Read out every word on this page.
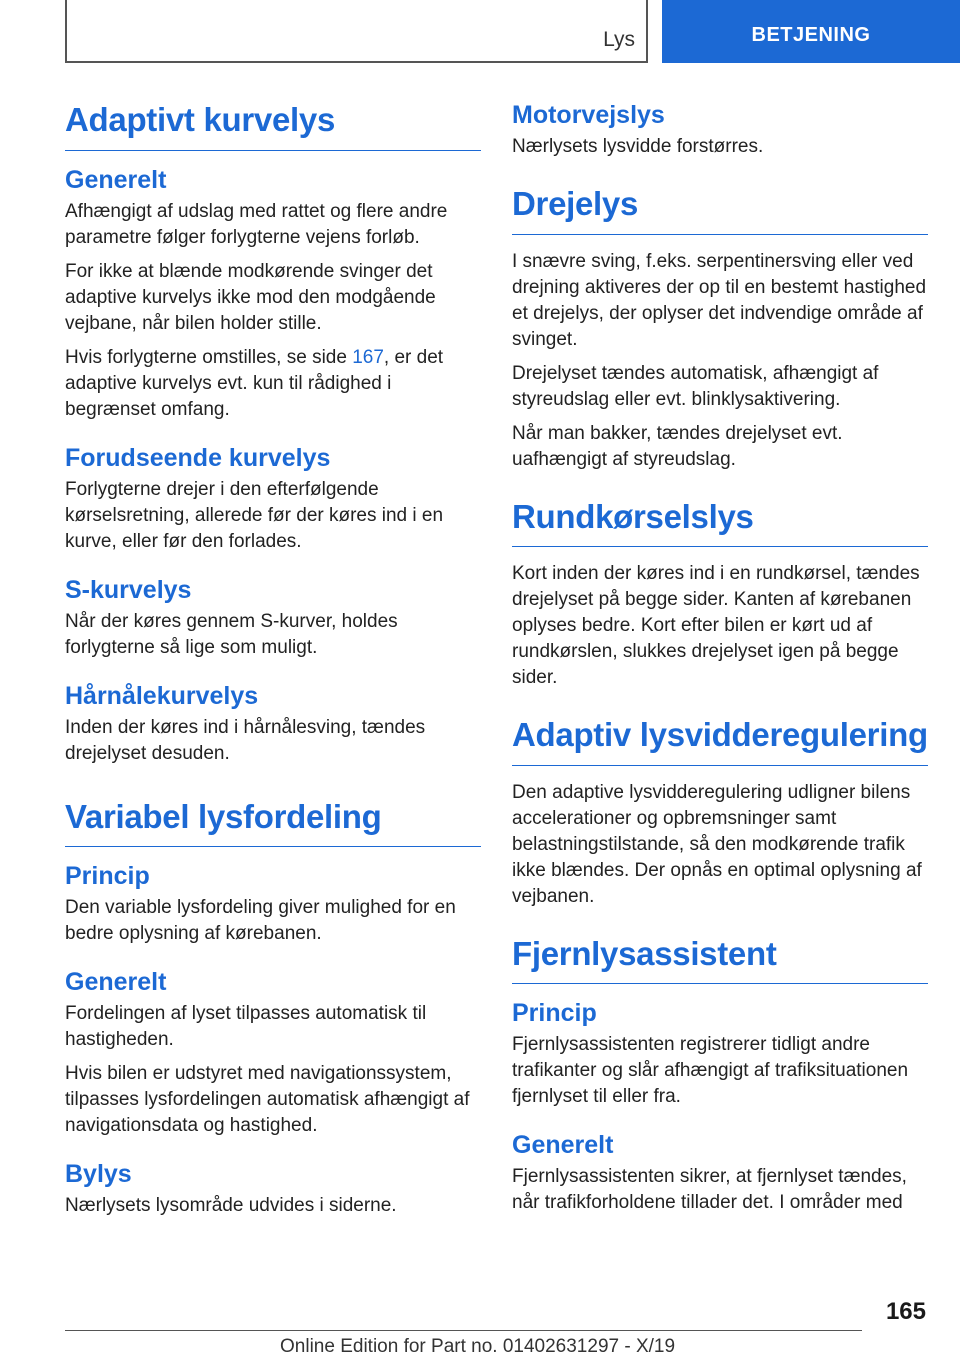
Lys	BETJENING
Adaptivt kurvelys
Generelt

Afhængigt af udslag med rattet og flere andre parametre følger forlygterne vejens forløb.

For ikke at blænde modkørende svinger det adaptive kurvelys ikke mod den modgående vejbane, når bilen holder stille.

Hvis forlygterne omstilles, se side 167, er det adaptive kurvelys evt. kun til rådighed i begrænset omfang.

Forudseende kurvelys

Forlygterne drejer i den efterfølgende kørselsretning, allerede før der køres ind i en kurve, eller før den forlades.

S-kurvelys

Når der køres gennem S-kurver, holdes forlygterne så lige som muligt.

Hårnålekurvelys

Inden der køres ind i hårnålesving, tændes drejelyset desuden.

Variabel lysfordeling
Princip

Den variable lysfordeling giver mulighed for en bedre oplysning af kørebanen.

Generelt

Fordelingen af lyset tilpasses automatisk til hastigheden.

Hvis bilen er udstyret med navigationssystem, tilpasses lysfordelingen automatisk afhængigt af navigationsdata og hastighed.

Bylys

Nærlysets lysområde udvides i siderne.

Motorvejslys

Nærlysets lysvidde forstørres.

Drejelys

I snævre sving, f.eks. serpentinersving eller ved drejning aktiveres der op til en bestemt hastighed et drejelys, der oplyser det indvendige område af svinget.

Drejelyset tændes automatisk, afhængigt af styreudslag eller evt. blinklysaktivering.

Når man bakker, tændes drejelyset evt. uafhængigt af styreudslag.

Rundkørselslys

Kort inden der køres ind i en rundkørsel, tændes drejelyset på begge sider. Kanten af kørebanen oplyses bedre. Kort efter bilen er kørt ud af rundkørslen, slukkes drejelyset igen på begge sider.

Adaptiv lysvidderegulering

Den adaptive lysvidderegulering udligner bilens accelerationer og opbremsninger samt belastningstilstande, så den modkørende trafik ikke blændes. Der opnås en optimal oplysning af vejbanen.

Fjernlysassistent
Princip

Fjernlysassistenten registrerer tidligt andre trafikanter og slår afhængigt af trafiksituationen fjernlyset til eller fra.

Generelt

Fjernlysassistenten sikrer, at fjernlyset tændes, når trafikforholdene tillader det. I områder med

165
Online Edition for Part no. 01402631297 - X/19
